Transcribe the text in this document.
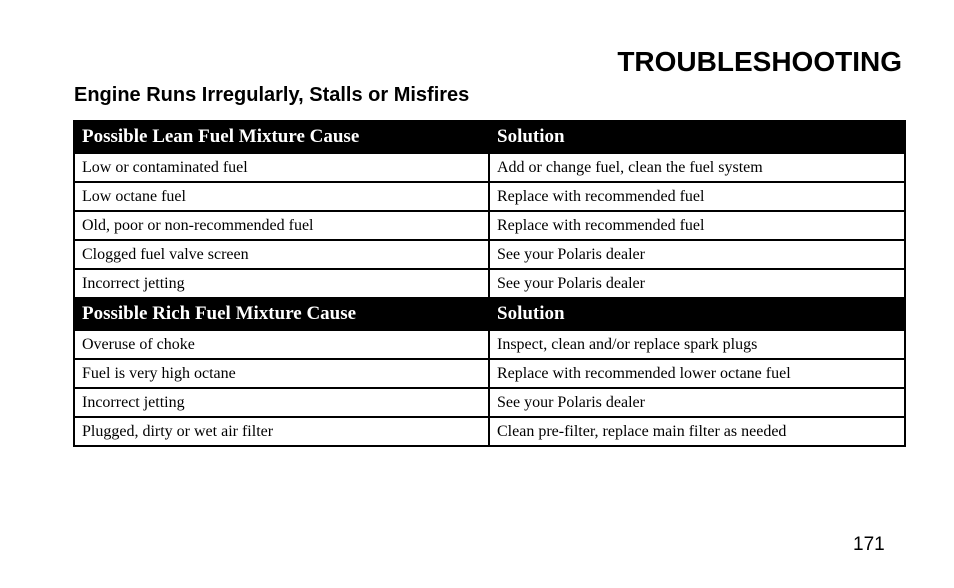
TROUBLESHOOTING
Engine Runs Irregularly, Stalls or Misfires
Possible Lean Fuel Mixture Cause	Solution
Low or contaminated fuel	Add or change fuel, clean the fuel system
Low octane fuel	Replace with recommended fuel
Old, poor or non-recommended fuel	Replace with recommended fuel
Clogged fuel valve screen	See your Polaris dealer
Incorrect jetting	See your Polaris dealer
Possible Rich Fuel Mixture Cause	Solution
Overuse of choke	Inspect, clean and/or replace spark plugs
Fuel is very high octane	Replace with recommended lower octane fuel
Incorrect jetting	See your Polaris dealer
Plugged, dirty or wet air filter	Clean pre-filter, replace main filter as needed
171
